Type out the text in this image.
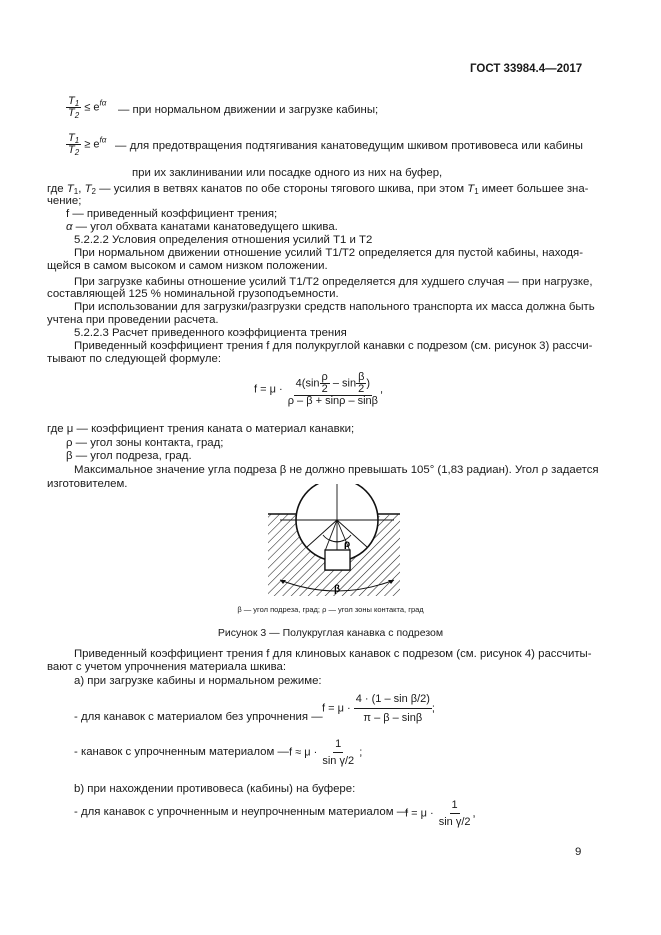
ГОСТ 33984.4—2017
$\frac{T_1}{T_2} \le e^{f\alpha}$
— при нормальном движении и загрузке кабины;
$\frac{T_1}{T_2} \ge e^{f\alpha}$
— для предотвращения подтягивания канатоведущим шкивом противовеса или кабины
при их заклинивании или посадке одного из них на буфер,
где $T_1$, $T_2$ — усилия в ветвях канатов по обе стороны тягового шкива, при этом $T_1$ имеет большее зна-
чение;
f — приведенный коэффициент трения;
α — угол обхвата канатами канатоведущего шкива.
5.2.2.2 Условия определения отношения усилий T1 и T2
При нормальном движении отношение усилий T1/T2 определяется для пустой кабины, находя-
щейся в самом высоком и самом низком положении.
При загрузке кабины отношение усилий T1/T2 определяется для худшего случая — при нагрузке,
составляющей 125 % номинальной грузоподъемности.
При использовании для загрузки/разгрузки средств напольного транспорта их масса должна быть
учтена при проведении расчета.
5.2.2.3 Расчет приведенного коэффициента трения
Приведенный коэффициент трения f для полукруглой канавки с подрезом (см. рисунок 3) рассчи-
тывают по следующей формуле:
$f = \mu \cdot \frac{4(\sin \frac{\rho}{2} - \sin \frac{\beta}{2} )}{\rho - \beta + \sin\rho - \sin\beta}$ ,
где μ — коэффициент трения каната о материал канавки;
ρ — угол зоны контакта, град;
β — угол подреза, град.
Максимальное значение угла подреза β не должно превышать 105° (1,83 радиан). Угол ρ задается
изготовителем.
ρ
β
β — угол подреза, град; ρ — угол зоны контакта, град
Рисунок 3 — Полукруглая канавка с подрезом
Приведенный коэффициент трения f для клиновых канавок с подрезом (см. рисунок 4) рассчиты-
вают с учетом упрочнения материала шкива:
а) при загрузке кабины и нормальном режиме:
- для канавок с материалом без упрочнения —
$f = \mu \cdot \frac{\text{4 · (1 – sin β/2)}}{\pi - \beta - \sin\beta}$ ;
- канавок с упрочненным материалом — $f \approx \mu \cdot \frac{1}{\text{sin γ/2}}$ ;
b) при нахождении противовеса (кабины) на буфере:
- для канавок с упрочненным и неупрочненным материалом —
$f = \mu \cdot \frac{1}{\text{sin γ/2}}$ ,
9
